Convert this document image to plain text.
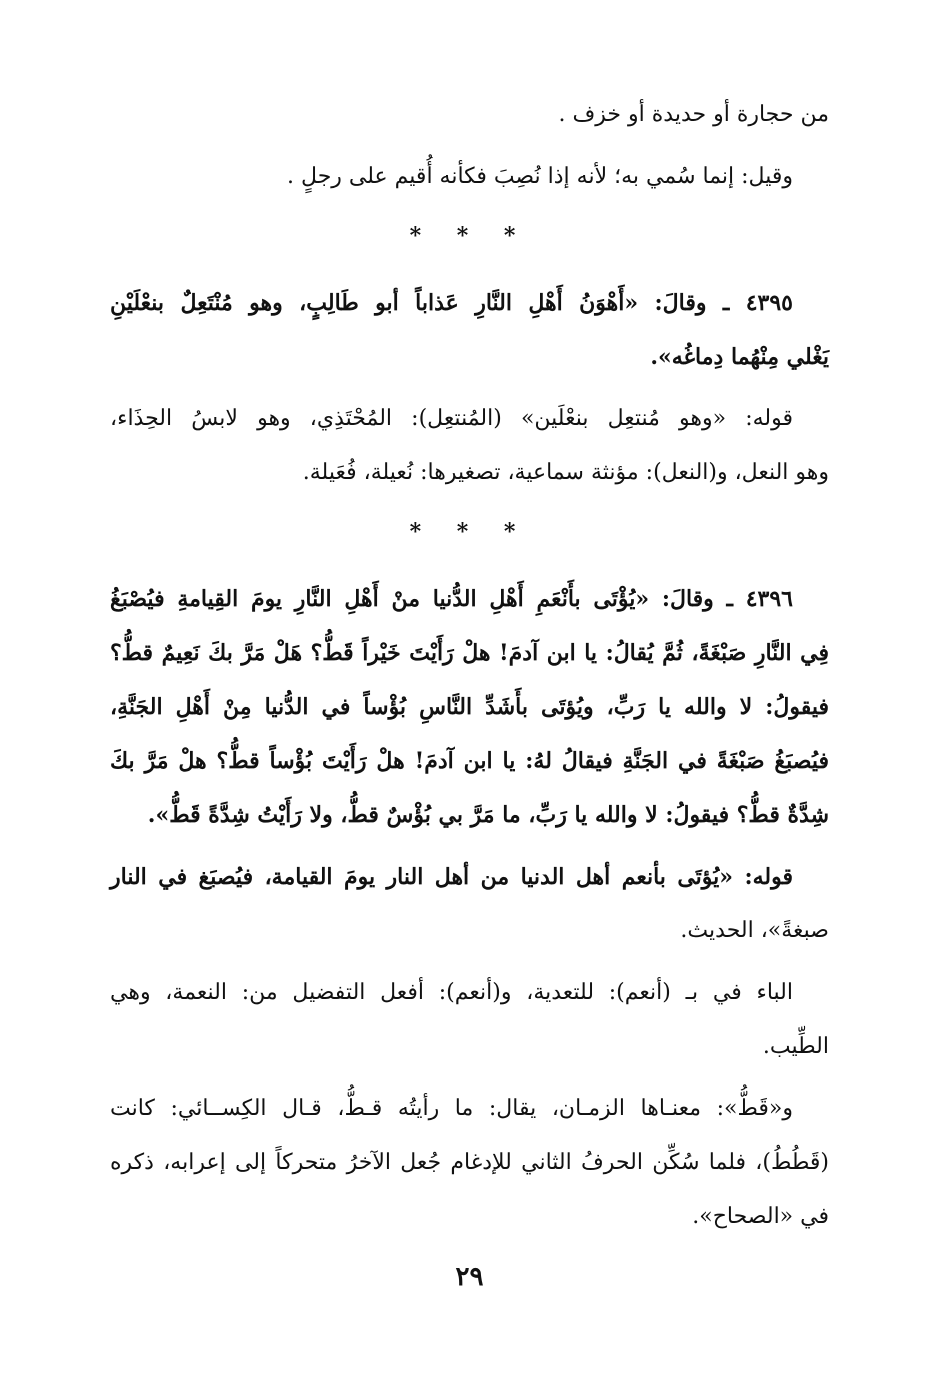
من حجارة أو حديدة أو خزف .
وقيل: إنما سُمي به؛ لأنه إذا نُصِبَ فكأنه أُقيم على رجلٍ .
* * *
٤٣٩٥ ـ وقالَ: «أَهْوَنُ أَهْلِ النَّارِ عَذاباً أبو طَالِبٍ، وهو مُنْتَعِلٌ بنعْلَيْنِ
يَغْلي مِنْهُما دِماغُه».
قوله: «وهو مُنتعِل بنعْلَين» (المُنتعِل): المُحْتَذِي، وهو لابسُ الحِذَاء،
وهو النعل، و(النعل): مؤنثة سماعية، تصغيرها: نُعيلة، فُعَيلة.
* * *
٤٣٩٦ ـ وقالَ: «يُؤْتَى بأَنْعَمِ أَهْلِ الدُّنيا منْ أَهْلِ النَّارِ يومَ القِيامةِ فيُصْبَغُ
فِي النَّارِ صَبْغَةً، ثُمَّ يُقالُ: يا ابن آدمَ! هلْ رَأَيْتَ خَيْراً قَطُّ؟ هَلْ مَرَّ بكَ نَعِيمٌ قطُّ؟
فيقولُ: لا والله يا رَبِّ، ويُؤتَى بأَشَدِّ النَّاسِ بُؤْساً في الدُّنيا مِنْ أَهْلِ الجَنَّةِ،
فيُصبَغُ صَبْغَةً في الجَنَّةِ فيقالُ لهُ: يا ابن آدمَ! هلْ رَأَيْتَ بُؤْساً قطُّ؟ هلْ مَرَّ بكَ
شِدَّةٌ قطُّ؟ فيقولُ: لا والله يا رَبِّ، ما مَرَّ بي بُؤْسٌ قطُّ، ولا رَأَيْتُ شِدَّةً قَطُّ».
قوله: «يُؤتَى بأنعم أهل الدنيا من أهل النار يومَ القيامة، فيُصبَغ في النار
صبغةً»، الحديث.
الباء في بـ (أنعم): للتعدية، و(أنعم): أفعل التفضيل من: النعمة، وهي
الطِّيب.
و«قَطُّ»: معنـاها الزمـان، يقال: ما رأيتُه قـطُّ، قـال الكِســائي: كانت
(قَطُطُ)، فلما سُكِّن الحرفُ الثاني للإدغام جُعل الآخرُ متحركاً إلى إعرابه، ذكره
في «الصحاح».
٢٩
